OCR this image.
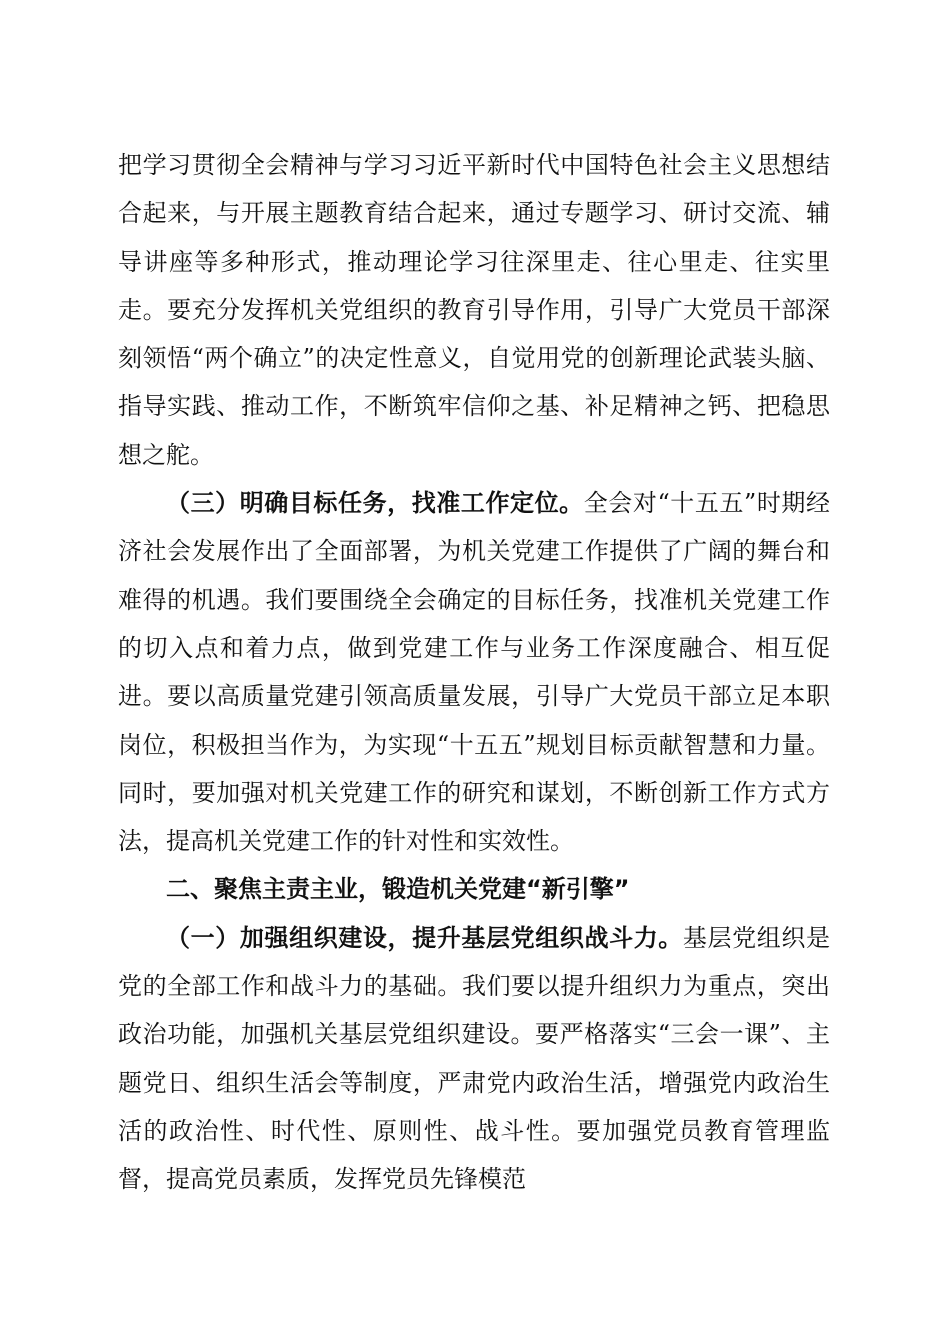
把学习贯彻全会精神与学习习近平新时代中国特色社会主义思想结合起来，与开展主题教育结合起来，通过专题学习、研讨交流、辅导讲座等多种形式，推动理论学习往深里走、往心里走、往实里走。要充分发挥机关党组织的教育引导作用，引导广大党员干部深刻领悟“两个确立”的决定性意义，自觉用党的创新理论武装头脑、指导实践、推动工作，不断筑牢信仰之基、补足精神之钙、把稳思想之舵。

（三）明确目标任务，找准工作定位。全会对“十五五”时期经济社会发展作出了全面部署，为机关党建工作提供了广阔的舞台和难得的机遇。我们要围绕全会确定的目标任务，找准机关党建工作的切入点和着力点，做到党建工作与业务工作深度融合、相互促进。要以高质量党建引领高质量发展，引导广大党员干部立足本职岗位，积极担当作为，为实现“十五五”规划目标贡献智慧和力量。同时，要加强对机关党建工作的研究和谋划，不断创新工作方式方法，提高机关党建工作的针对性和实效性。

二、聚焦主责主业，锻造机关党建“新引擎”

（一）加强组织建设，提升基层党组织战斗力。基层党组织是党的全部工作和战斗力的基础。我们要以提升组织力为重点，突出政治功能，加强机关基层党组织建设。要严格落实“三会一课”、主题党日、组织生活会等制度，严肃党内政治生活，增强党内政治生活的政治性、时代性、原则性、战斗性。要加强党员教育管理监督，提高党员素质，发挥党员先锋模范
